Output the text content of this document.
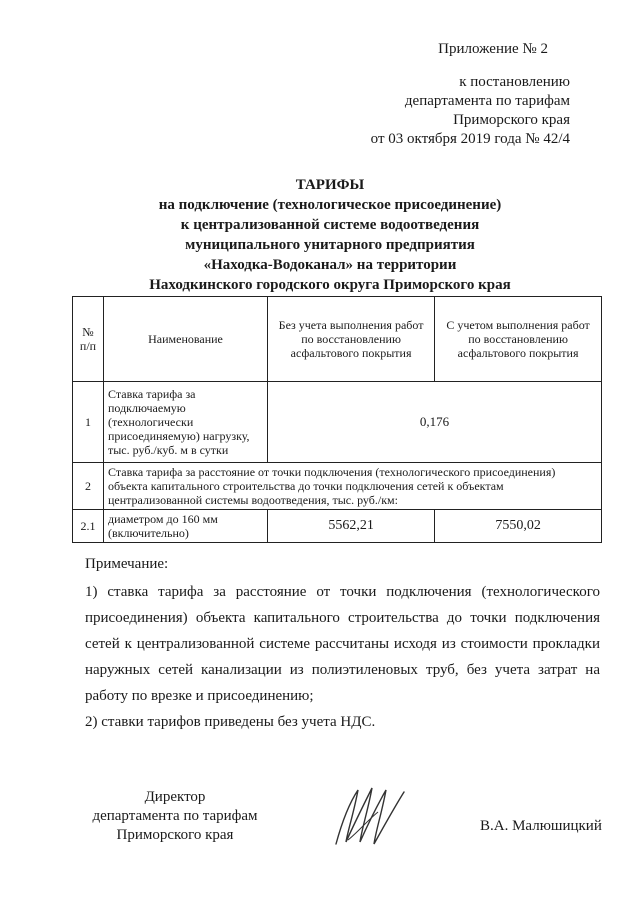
Приложение № 2
к постановлению
департамента по тарифам
Приморского края
от 03 октября 2019 года № 42/4
ТАРИФЫ
на подключение (технологическое присоединение)
к централизованной системе водоотведения
муниципального унитарного предприятия
«Находка-Водоканал» на территории
Находкинского городского округа Приморского края
№ п/п	Наименование	Без учета выполнения работ по восстановлению асфальтового покрытия	С учетом выполнения работ по восстановлению асфальтового покрытия
1	Ставка тарифа за подключаемую (технологически присоединяемую) нагрузку, тыс. руб./куб. м в сутки	0,176	
2	Ставка тарифа за расстояние от точки подключения (технологического присоединения) объекта капитального строительства до точки подключения сетей к объектам централизованной системы водоотведения, тыс. руб./км:		
2.1	диаметром до 160 мм (включительно)	5562,21	7550,02
Примечание:

1) ставка тарифа за расстояние от точки подключения (технологического присоединения) объекта капитального строительства до точки подключения сетей к централизованной системе рассчитаны исходя из стоимости прокладки наружных сетей канализации из полиэтиленовых труб, без учета затрат на работу по врезке и присоединению;

2) ставки тарифов приведены без учета НДС.

Директор
департамента по тарифам
Приморского края
В.А. Малюшицкий
